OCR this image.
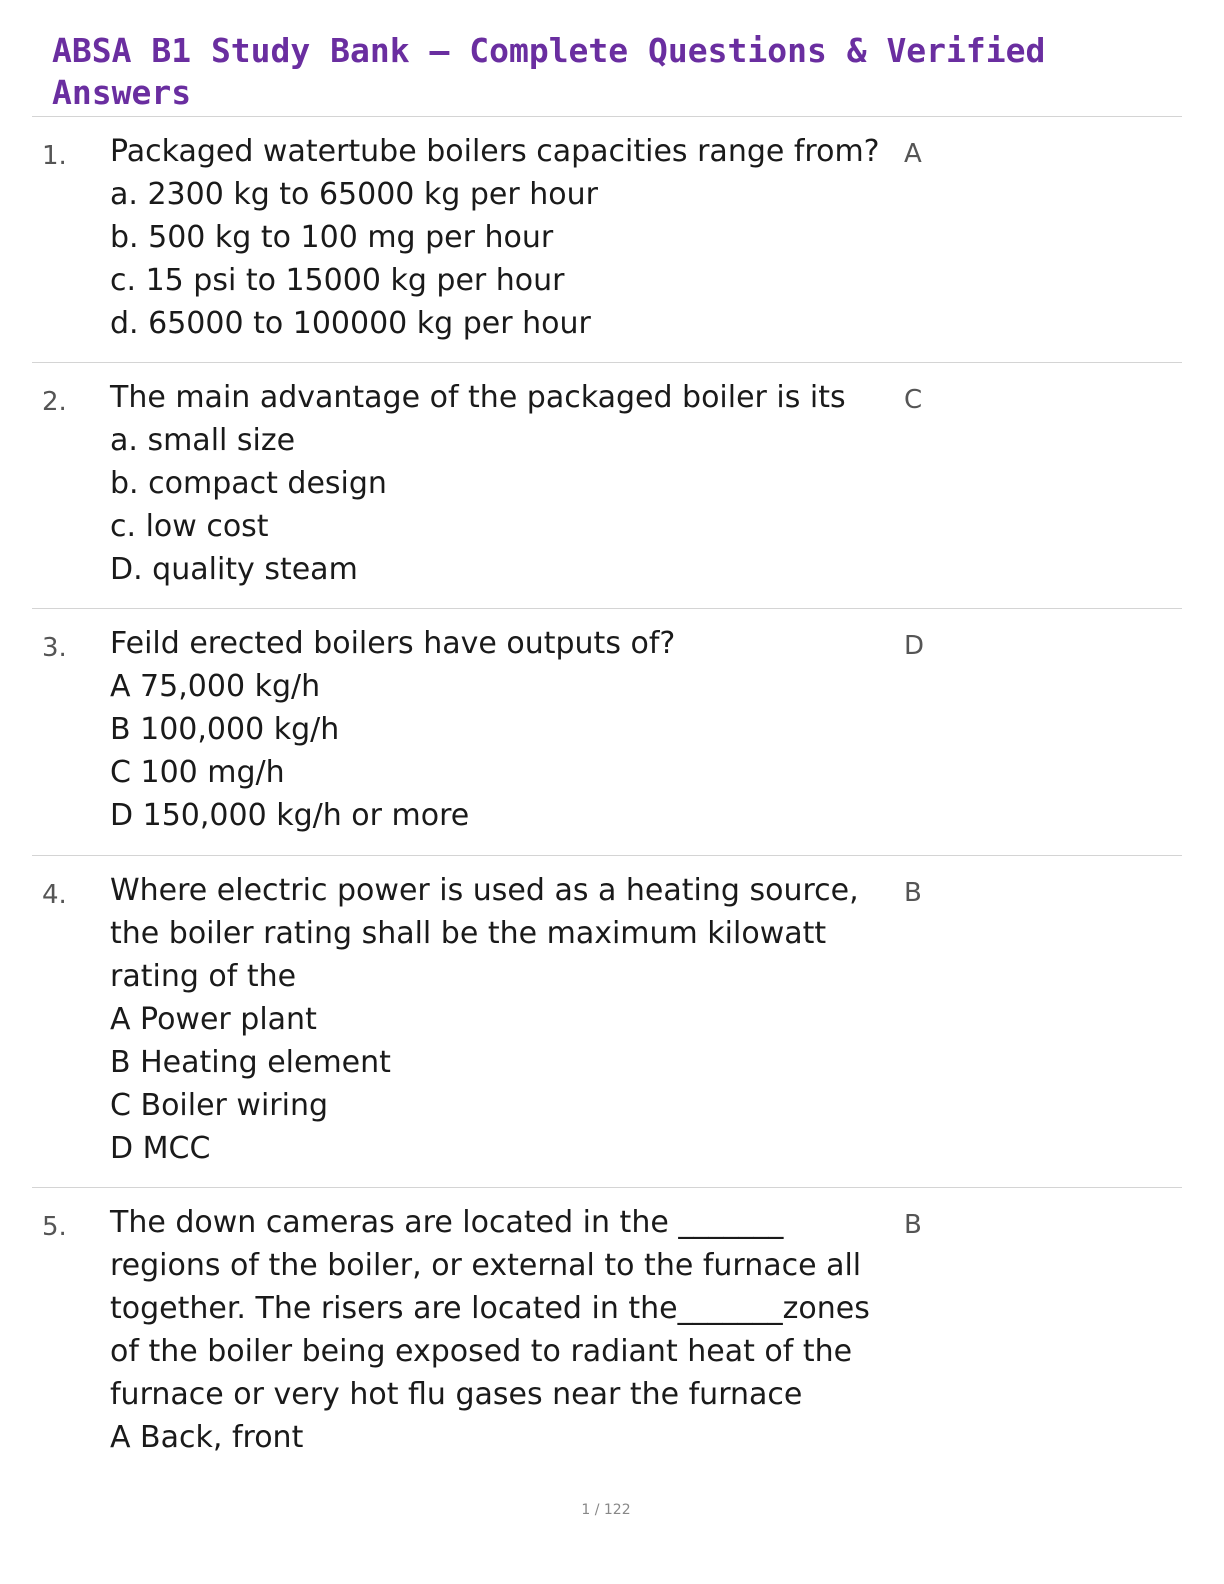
ABSA B1 Study Bank – Complete Questions & Verified Answers
1. Packaged watertube boilers capacities range from?
a. 2300 kg to 65000 kg per hour
b. 500 kg to 100 mg per hour
c. 15 psi to 15000 kg per hour
d. 65000 to 100000 kg per hour
A
2. The main advantage of the packaged boiler is its
a. small size
b. compact design
c. low cost
D. quality steam
C
3. Feild erected boilers have outputs of?
A 75,000 kg/h
B 100,000 kg/h
C 100 mg/h
D 150,000 kg/h or more
D
4. Where electric power is used as a heating source, the boiler rating shall be the maximum kilowatt rating of the
A Power plant
B Heating element
C Boiler wiring
D MCC
B
5. The down cameras are located in the _______ regions of the boiler, or external to the furnace all together. The risers are located in the_______zones of the boiler being exposed to radiant heat of the furnace or very hot flu gases near the furnace
A Back, front
B
1 / 122
